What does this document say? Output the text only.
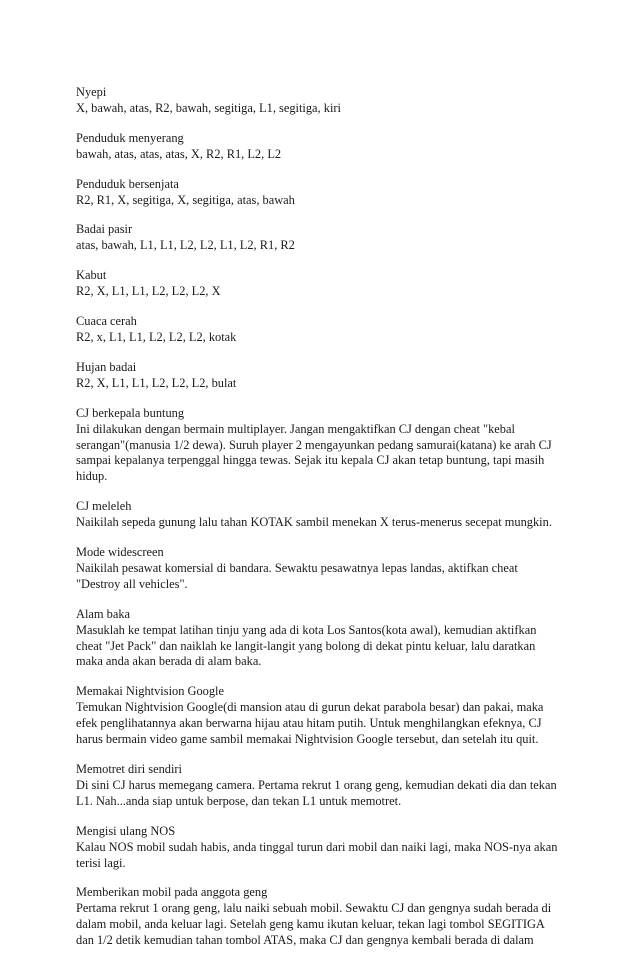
Nyepi
X, bawah, atas, R2, bawah, segitiga, L1, segitiga, kiri
Penduduk menyerang
bawah, atas, atas, atas, X, R2, R1, L2, L2
Penduduk bersenjata
R2, R1, X, segitiga, X, segitiga, atas, bawah
Badai pasir
atas, bawah, L1, L1, L2, L2, L1, L2, R1, R2
Kabut
R2, X, L1, L1, L2, L2, L2, X
Cuaca cerah
R2, x, L1, L1, L2, L2, L2, kotak
Hujan badai
R2, X, L1, L1, L2, L2, L2, bulat
CJ berkepala buntung
Ini dilakukan dengan bermain multiplayer. Jangan mengaktifkan CJ dengan cheat "kebal
serangan"(manusia 1/2 dewa). Suruh player 2 mengayunkan pedang samurai(katana) ke arah CJ
sampai kepalanya terpenggal hingga tewas. Sejak itu kepala CJ akan tetap buntung, tapi masih
hidup.
CJ meleleh
Naikilah sepeda gunung lalu tahan KOTAK sambil menekan X terus-menerus secepat mungkin.
Mode widescreen
Naikilah pesawat komersial di bandara. Sewaktu pesawatnya lepas landas, aktifkan cheat
"Destroy all vehicles".
Alam baka
Masuklah ke tempat latihan tinju yang ada di kota Los Santos(kota awal), kemudian aktifkan
cheat "Jet Pack" dan naiklah ke langit-langit yang bolong di dekat pintu keluar, lalu daratkan
maka anda akan berada di alam baka.
Memakai Nightvision Google
Temukan Nightvision Google(di mansion atau di gurun dekat parabola besar) dan pakai, maka
efek penglihatannya akan berwarna hijau atau hitam putih. Untuk menghilangkan efeknya, CJ
harus bermain video game sambil memakai Nightvision Google tersebut, dan setelah itu quit.
Memotret diri sendiri
Di sini CJ harus memegang camera. Pertama rekrut 1 orang geng, kemudian dekati dia dan tekan
L1. Nah...anda siap untuk berpose, dan tekan L1 untuk memotret.
Mengisi ulang NOS
Kalau NOS mobil sudah habis, anda tinggal turun dari mobil dan naiki lagi, maka NOS-nya akan
terisi lagi.
Memberikan mobil pada anggota geng
Pertama rekrut 1 orang geng, lalu naiki sebuah mobil. Sewaktu CJ dan gengnya sudah berada di
dalam mobil, anda keluar lagi. Setelah geng kamu ikutan keluar, tekan lagi tombol SEGITIGA
dan 1/2 detik kemudian tahan tombol ATAS, maka CJ dan gengnya kembali berada di dalam
